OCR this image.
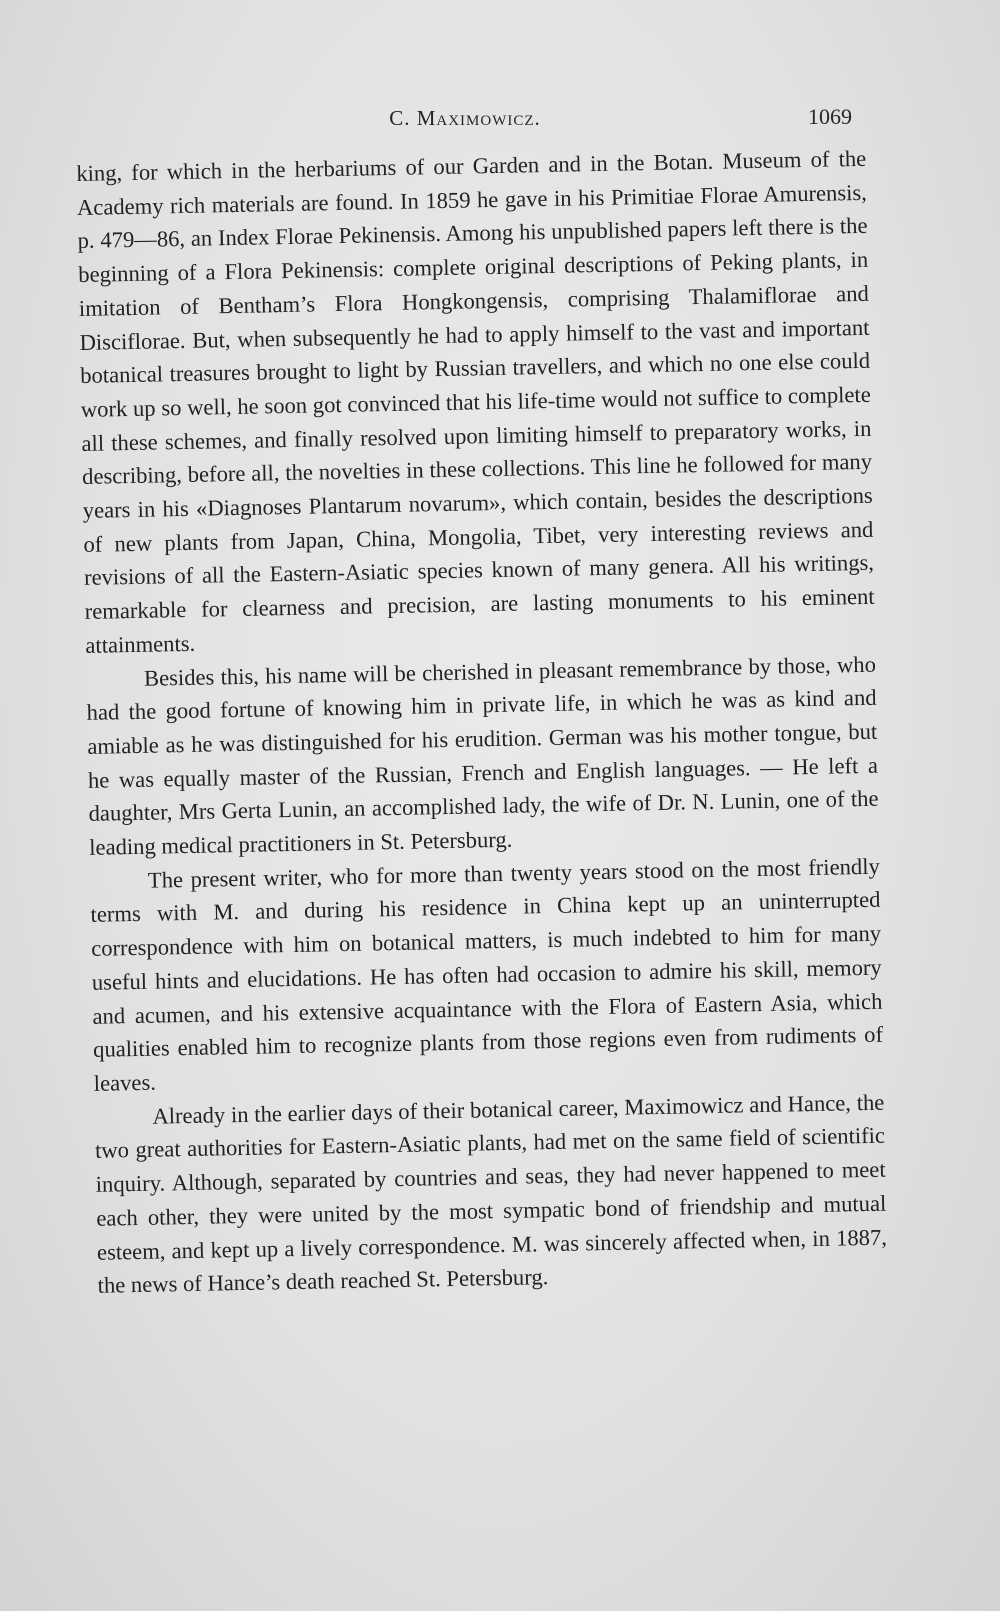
C. Maximowicz.	1069

king, for which in the herbariums of our Garden and in the Botan. Museum of the Academy rich materials are found. In 1859 he gave in his Primitiae Florae Amurensis, p. 479—86, an Index Florae Pekinensis. Among his unpublished papers left there is the beginning of a Flora Pekinensis: complete original descriptions of Peking plants, in imitation of Bentham’s Flora Hongkongensis, comprising Thalamiflorae and Disciflorae. But, when subsequently he had to apply himself to the vast and important botanical treasures brought to light by Russian travellers, and which no one else could work up so well, he soon got convinced that his life-time would not suffice to complete all these schemes, and finally resolved upon limiting himself to preparatory works, in describing, before all, the novelties in these collections. This line he followed for many years in his «Diagnoses Plantarum novarum», which contain, besides the descriptions of new plants from Japan, China, Mongolia, Tibet, very interesting reviews and revisions of all the Eastern-Asiatic species known of many genera. All his writings, remarkable for clearness and precision, are lasting monuments to his eminent attainments.

Besides this, his name will be cherished in pleasant remembrance by those, who had the good fortune of knowing him in private life, in which he was as kind and amiable as he was distinguished for his erudition. German was his mother tongue, but he was equally master of the Russian, French and English languages. — He left a daughter, Mrs Gerta Lunin, an accomplished lady, the wife of Dr. N. Lunin, one of the leading medical practitioners in St. Petersburg.

The present writer, who for more than twenty years stood on the most friendly terms with M. and during his residence in China kept up an uninterrupted correspondence with him on botanical matters, is much indebted to him for many useful hints and elucidations. He has often had occasion to admire his skill, memory and acumen, and his extensive acquaintance with the Flora of Eastern Asia, which qualities enabled him to recognize plants from those regions even from rudiments of leaves.

Already in the earlier days of their botanical career, Maximowicz and Hance, the two great authorities for Eastern-Asiatic plants, had met on the same field of scientific inquiry. Although, separated by countries and seas, they had never happened to meet each other, they were united by the most sympatic bond of friendship and mutual esteem, and kept up a lively correspondence. M. was sincerely affected when, in 1887, the news of Hance’s death reached St. Petersburg.
